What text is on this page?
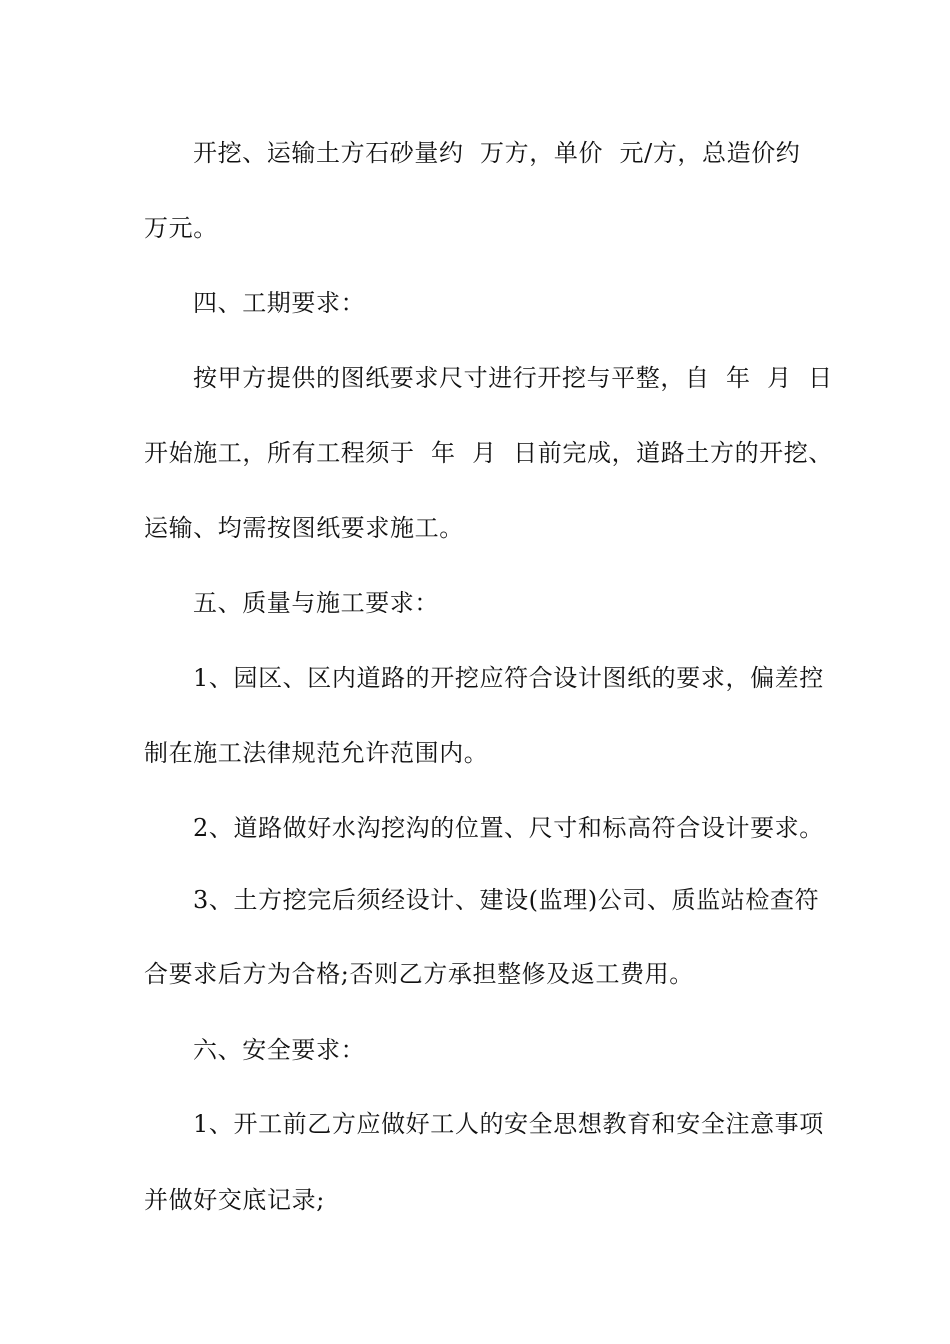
开挖、运输土方石砂量约  万方，单价  元/方，总造价约
万元。
四、工期要求：
按甲方提供的图纸要求尺寸进行开挖与平整，自  年  月  日
开始施工，所有工程须于  年  月  日前完成，道路土方的开挖、
运输、均需按图纸要求施工。
五、质量与施工要求：
1、园区、区内道路的开挖应符合设计图纸的要求，偏差控
制在施工法律规范允许范围内。
2、道路做好水沟挖沟的位置、尺寸和标高符合设计要求。
3、土方挖完后须经设计、建设(监理)公司、质监站检查符
合要求后方为合格;否则乙方承担整修及返工费用。
六、安全要求：
1、开工前乙方应做好工人的安全思想教育和安全注意事项
并做好交底记录;
